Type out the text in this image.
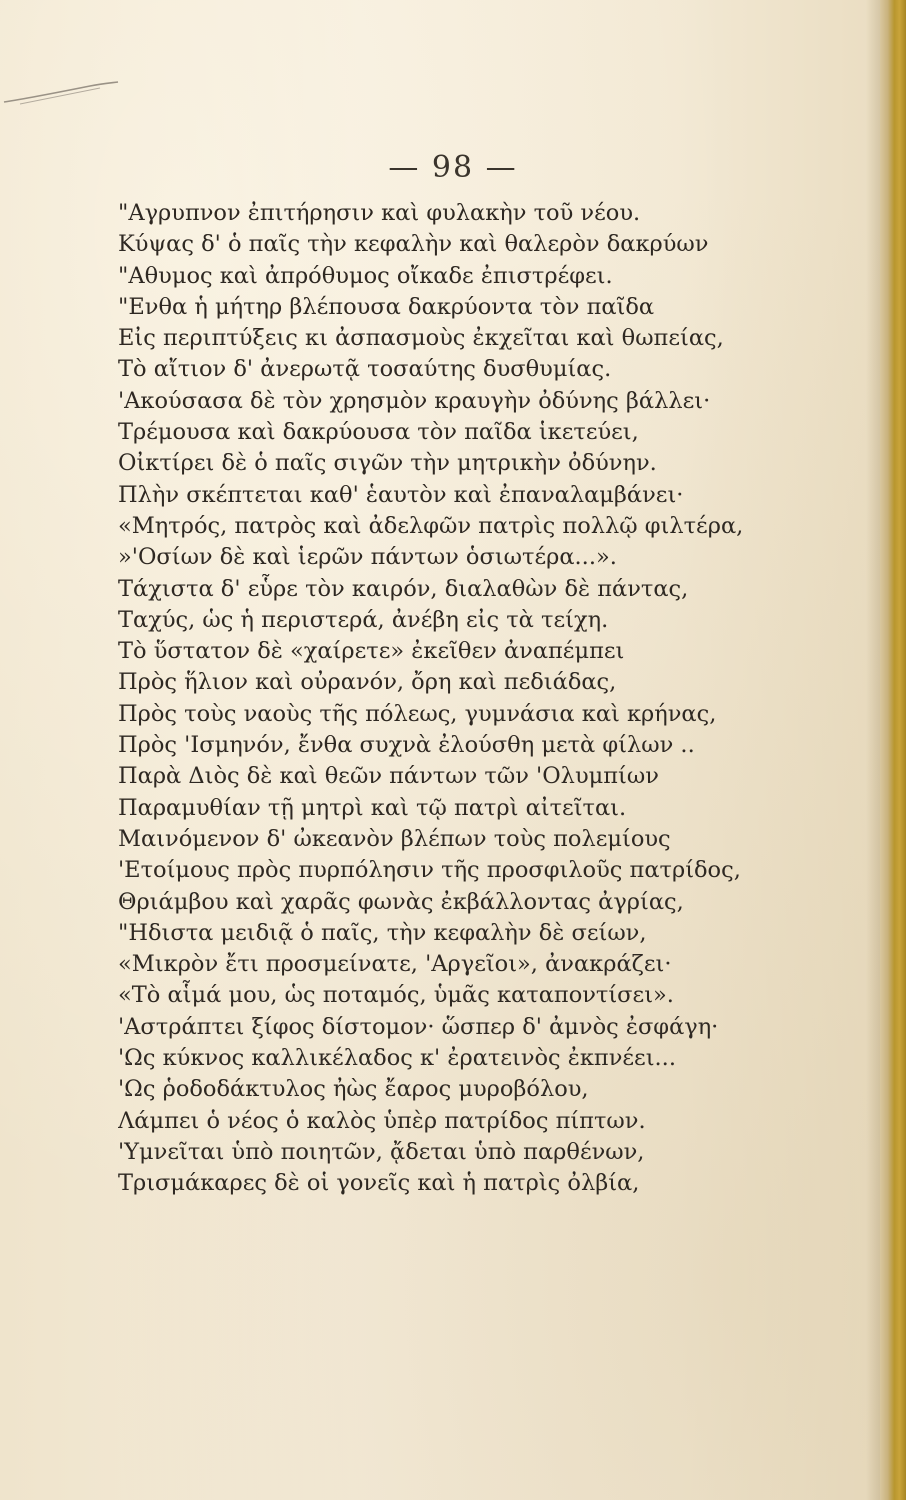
— 98 —
"Αγρυπνον ἐπιτήρησιν καὶ φυλακὴν τοῦ νέου.
Κύψας δ' ὁ παῖς τὴν κεφαλὴν καὶ θαλερὸν δακρύων
"Αθυμος καὶ ἀπρόθυμος οἴκαδε ἐπιστρέφει.
"Ενθα ἡ μήτηρ βλέπουσα δακρύοντα τὸν παῖδα
Εἰς περιπτύξεις κι ἀσπασμοὺς ἐκχεῖται καὶ θωπείας,
Τὸ αἴτιον δ' ἀνερωτᾷ τοσαύτης δυσθυμίας.
'Ακούσασα δὲ τὸν χρησμὸν κραυγὴν ὀδύνης βάλλει·
Τρέμουσα καὶ δακρύουσα τὸν παῖδα ἱκετεύει,
Οἰκτίρει δὲ ὁ παῖς σιγῶν τὴν μητρικὴν ὀδύνην.
Πλὴν σκέπτεται καθ' ἑαυτὸν καὶ ἐπαναλαμβάνει·
«Μητρός, πατρὸς καὶ ἀδελφῶν πατρὶς πολλῷ φιλτέρα,
»'Οσίων δὲ καὶ ἱερῶν πάντων ὁσιωτέρα...».
Τάχιστα δ' εὗρε τὸν καιρόν, διαλαθὼν δὲ πάντας,
Ταχύς, ὡς ἡ περιστερά, ἀνέβη εἰς τὰ τείχη.
Τὸ ὕστατον δὲ «χαίρετε» ἐκεῖθεν ἀναπέμπει
Πρὸς ἥλιον καὶ οὐρανόν, ὄρη καὶ πεδιάδας,
Πρὸς τοὺς ναοὺς τῆς πόλεως, γυμνάσια καὶ κρήνας,
Πρὸς 'Ισμηνόν, ἔνθα συχνὰ ἐλούσθη μετὰ φίλων ..
Παρὰ Διὸς δὲ καὶ θεῶν πάντων τῶν 'Ολυμπίων
Παραμυθίαν τῇ μητρὶ καὶ τῷ πατρὶ αἰτεῖται.
Μαινόμενον δ' ὠκεανὸν βλέπων τοὺς πολεμίους
'Ετοίμους πρὸς πυρπόλησιν τῆς προσφιλοῦς πατρίδος,
Θριάμβου καὶ χαρᾶς φωνὰς ἐκβάλλοντας ἀγρίας,
"Ηδιστα μειδιᾷ ὁ παῖς, τὴν κεφαλὴν δὲ σείων,
«Μικρὸν ἔτι προσμείνατε, 'Αργεῖοι», ἀνακράζει·
«Τὸ αἷμά μου, ὡς ποταμός, ὑμᾶς καταποντίσει».
'Αστράπτει ξίφος δίστομον· ὥσπερ δ' ἀμνὸς ἐσφάγη·
'Ως κύκνος καλλικέλαδος κ' ἐρατεινὸς ἐκπνέει...
'Ως ῥοδοδάκτυλος ἠὼς ἔαρος μυροβόλου,
Λάμπει ὁ νέος ὁ καλὸς ὑπὲρ πατρίδος πίπτων.
'Υμνεῖται ὑπὸ ποιητῶν, ᾄδεται ὑπὸ παρθένων,
Τρισμάκαρες δὲ οἱ γονεῖς καὶ ἡ πατρὶς ὀλβία,
